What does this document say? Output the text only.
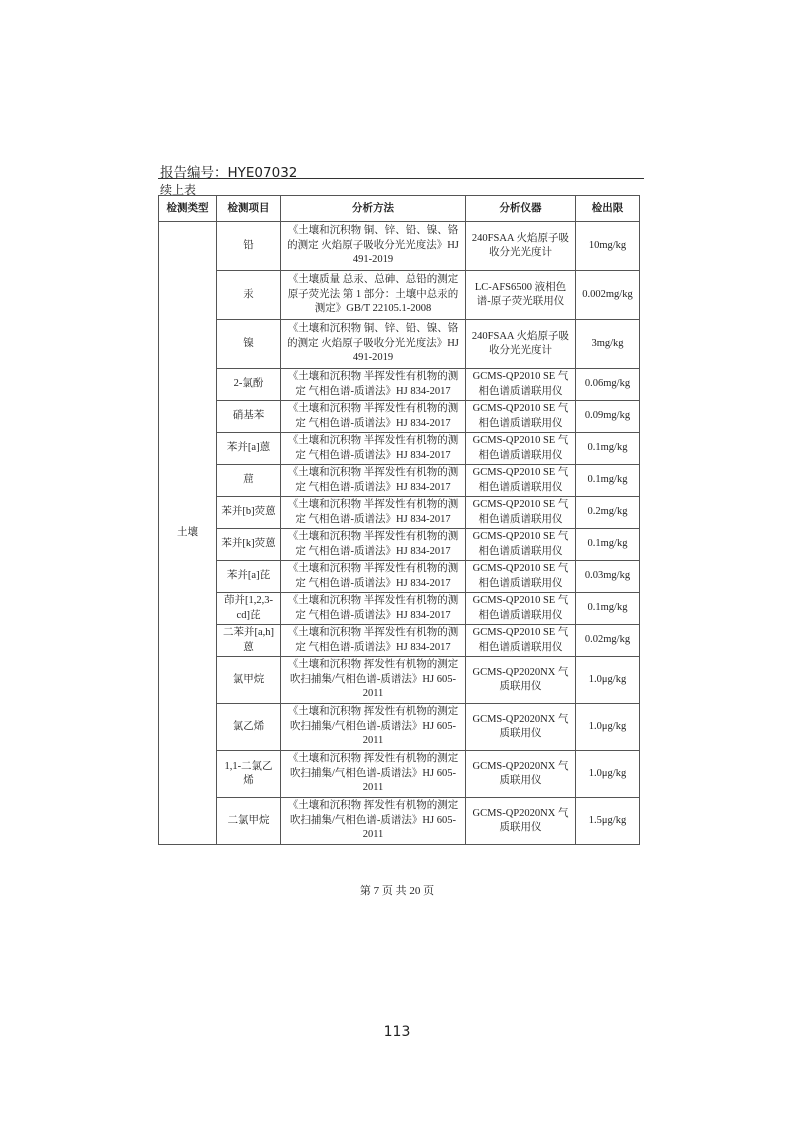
报告编号：HYE07032
续上表
检测类型	检测项目	分析方法	分析仪器	检出限
土壤	铅	《土壤和沉积物 铜、锌、铅、镍、铬的测定 火焰原子吸收分光光度法》HJ 491-2019	240FSAA 火焰原子吸收分光光度计	10mg/kg
	汞	《土壤质量 总汞、总砷、总铅的测定 原子荧光法 第 1 部分：土壤中总汞的测定》GB/T 22105.1-2008	LC-AFS6500 液相色谱-原子荧光联用仪	0.002mg/kg
	镍	《土壤和沉积物 铜、锌、铅、镍、铬的测定 火焰原子吸收分光光度法》HJ 491-2019	240FSAA 火焰原子吸收分光光度计	3mg/kg
	2-氯酚	《土壤和沉积物 半挥发性有机物的测定 气相色谱-质谱法》HJ 834-2017	GCMS-QP2010 SE 气相色谱质谱联用仪	0.06mg/kg
	硝基苯	《土壤和沉积物 半挥发性有机物的测定 气相色谱-质谱法》HJ 834-2017	GCMS-QP2010 SE 气相色谱质谱联用仪	0.09mg/kg
	苯并[a]蒽	《土壤和沉积物 半挥发性有机物的测定 气相色谱-质谱法》HJ 834-2017	GCMS-QP2010 SE 气相色谱质谱联用仪	0.1mg/kg
	䓛	《土壤和沉积物 半挥发性有机物的测定 气相色谱-质谱法》HJ 834-2017	GCMS-QP2010 SE 气相色谱质谱联用仪	0.1mg/kg
	苯并[b]荧蒽	《土壤和沉积物 半挥发性有机物的测定 气相色谱-质谱法》HJ 834-2017	GCMS-QP2010 SE 气相色谱质谱联用仪	0.2mg/kg
	苯并[k]荧蒽	《土壤和沉积物 半挥发性有机物的测定 气相色谱-质谱法》HJ 834-2017	GCMS-QP2010 SE 气相色谱质谱联用仪	0.1mg/kg
	苯并[a]芘	《土壤和沉积物 半挥发性有机物的测定 气相色谱-质谱法》HJ 834-2017	GCMS-QP2010 SE 气相色谱质谱联用仪	0.03mg/kg
	茚并[1,2,3-cd]芘	《土壤和沉积物 半挥发性有机物的测定 气相色谱-质谱法》HJ 834-2017	GCMS-QP2010 SE 气相色谱质谱联用仪	0.1mg/kg
	二苯并[a,h]蒽	《土壤和沉积物 半挥发性有机物的测定 气相色谱-质谱法》HJ 834-2017	GCMS-QP2010 SE 气相色谱质谱联用仪	0.02mg/kg
	氯甲烷	《土壤和沉积物 挥发性有机物的测定 吹扫捕集/气相色谱-质谱法》HJ 605-2011	GCMS-QP2020NX 气质联用仪	1.0μg/kg
	氯乙烯	《土壤和沉积物 挥发性有机物的测定 吹扫捕集/气相色谱-质谱法》HJ 605-2011	GCMS-QP2020NX 气质联用仪	1.0μg/kg
	1,1-二氯乙烯	《土壤和沉积物 挥发性有机物的测定 吹扫捕集/气相色谱-质谱法》HJ 605-2011	GCMS-QP2020NX 气质联用仪	1.0μg/kg
	二氯甲烷	《土壤和沉积物 挥发性有机物的测定 吹扫捕集/气相色谱-质谱法》HJ 605-2011	GCMS-QP2020NX 气质联用仪	1.5μg/kg
第 7 页 共 20 页
113
